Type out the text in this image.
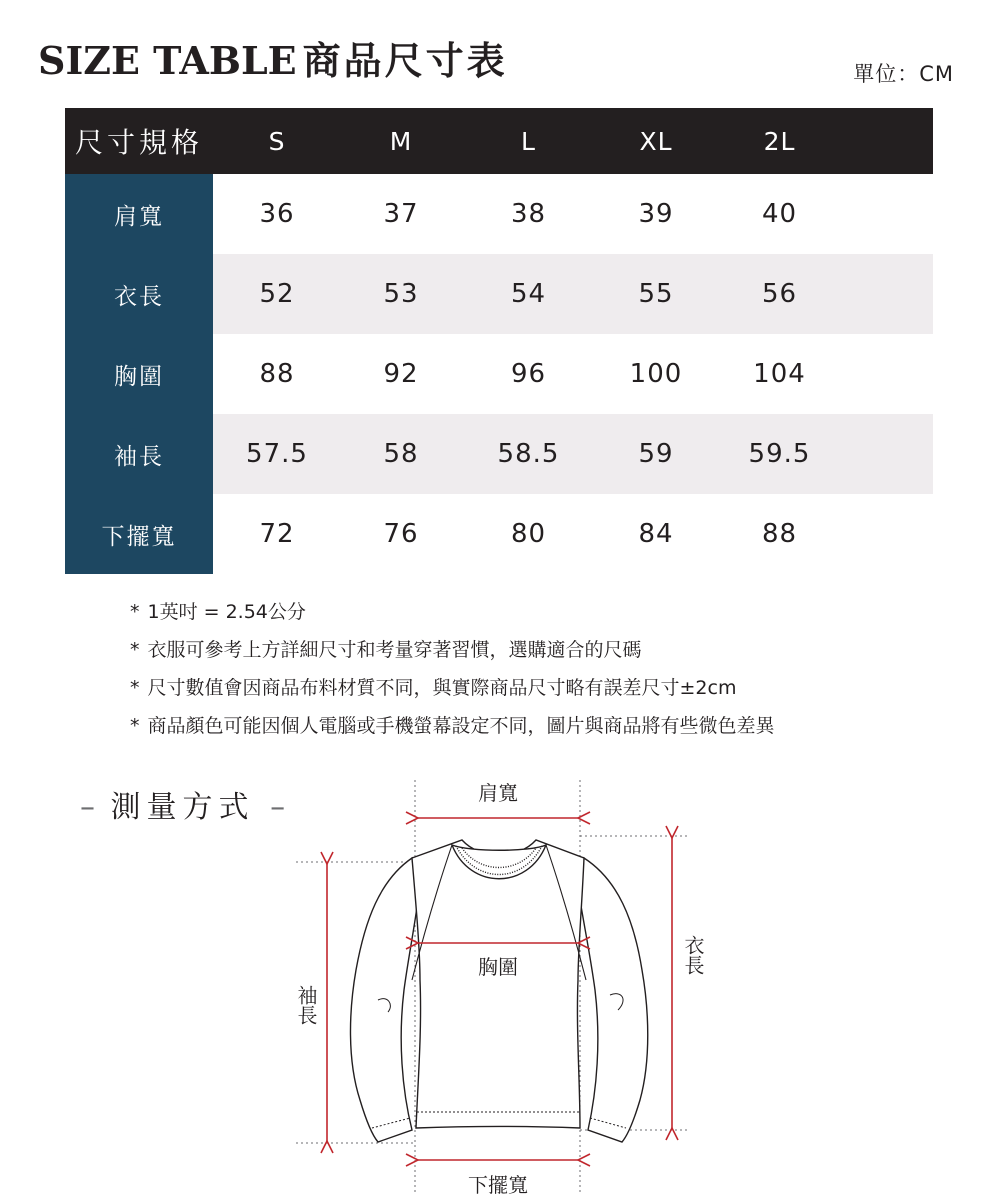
SIZE TABLE 商品尺寸表	單位：CM
尺寸規格	S	M	L	XL	2L	
肩寬	36	37	38	39	40	
衣長	52	53	54	55	56	
胸圍	88	92	96	100	104	
袖長	57.5	58	58.5	59	59.5	
下擺寬	72	76	80	84	88	
* 1英吋 = 2.54公分
* 衣服可參考上方詳細尺寸和考量穿著習慣，選購適合的尺碼
* 尺寸數值會因商品布料材質不同，與實際商品尺寸略有誤差尺寸±2cm
* 商品顏色可能因個人電腦或手機螢幕設定不同，圖片與商品將有些微色差異
– 測量方式 –	肩寬
胸圍
袖長
衣長
下擺寬
